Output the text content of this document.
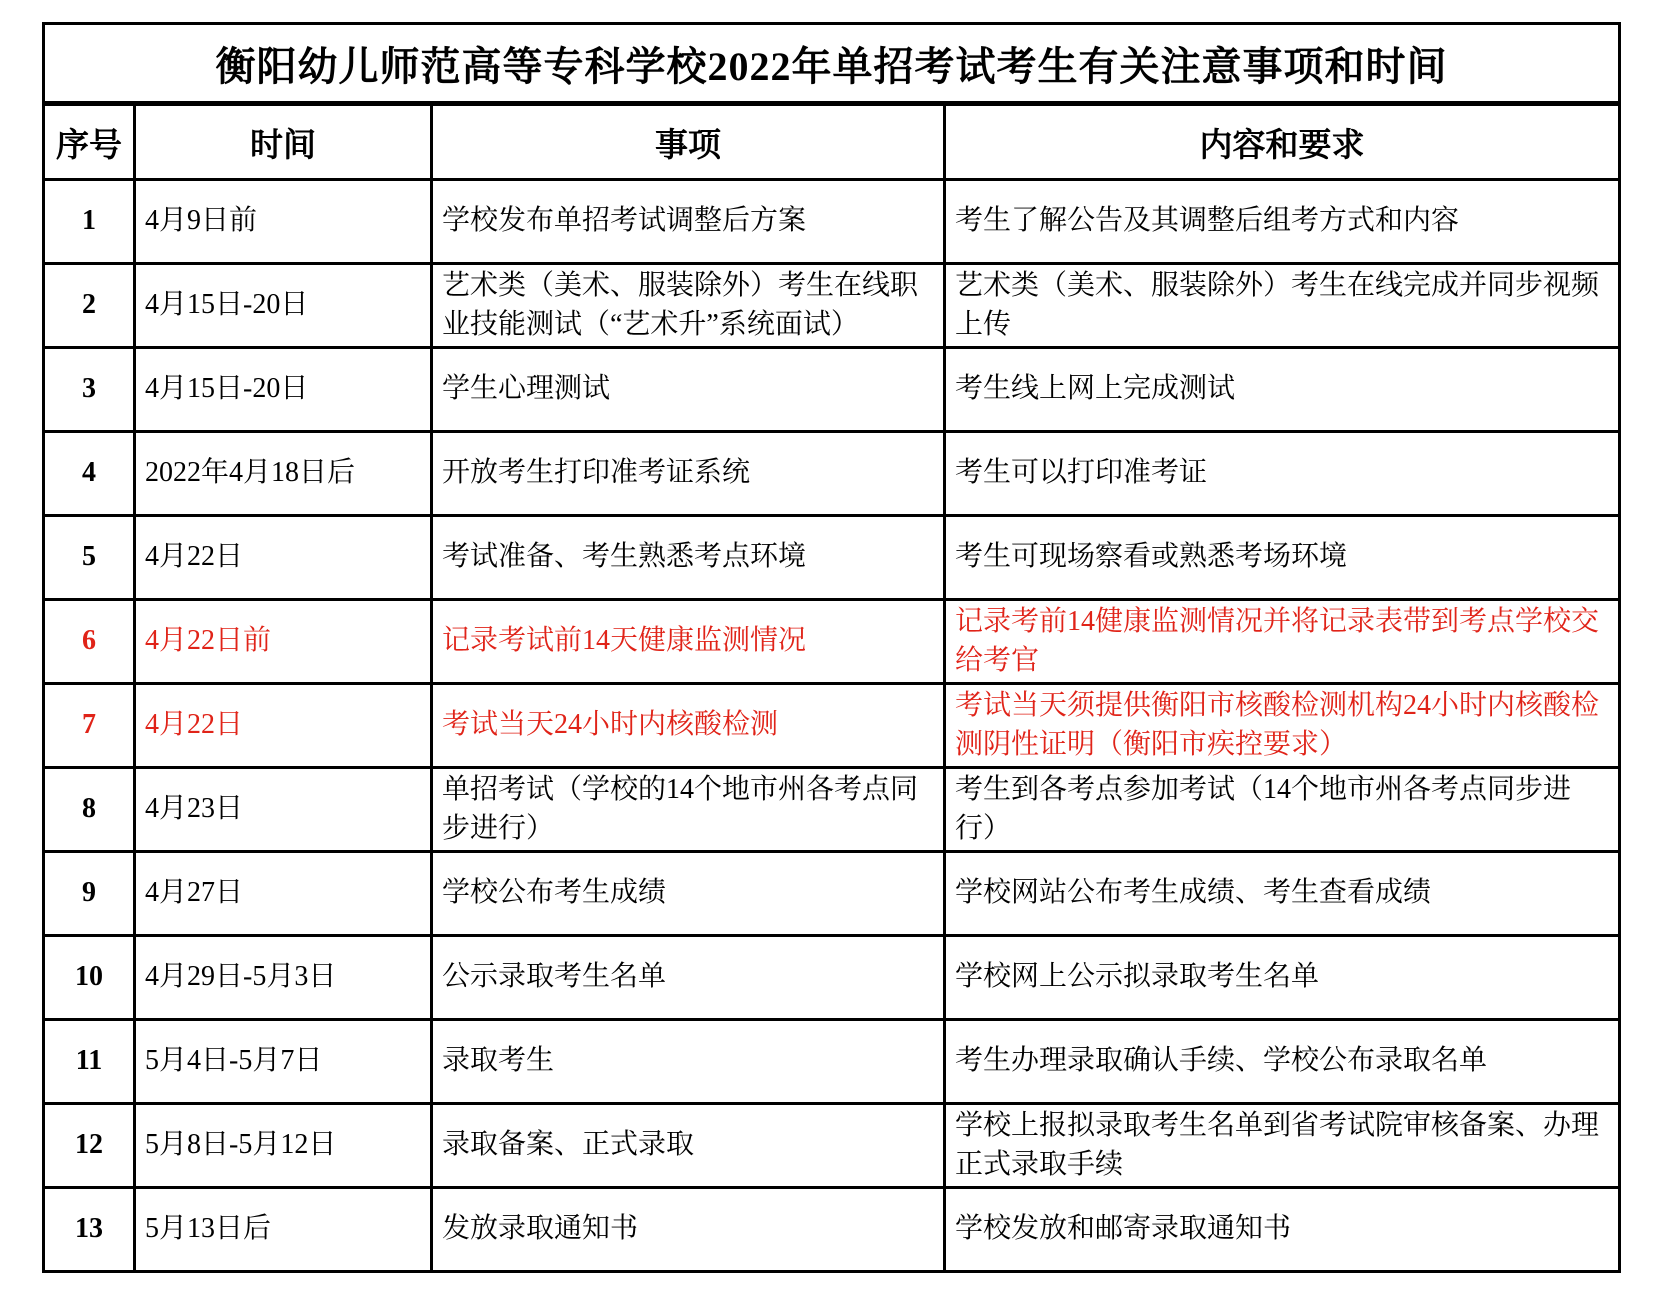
衡阳幼儿师范高等专科学校2022年单招考试考生有关注意事项和时间			
序号	时间	事项	内容和要求
1	4月9日前	学校发布单招考试调整后方案	考生了解公告及其调整后组考方式和内容
2	4月15日-20日	艺术类（美术、服装除外）考生在线职业技能测试（“艺术升”系统面试）	艺术类（美术、服装除外）考生在线完成并同步视频上传
3	4月15日-20日	学生心理测试	考生线上网上完成测试
4	2022年4月18日后	开放考生打印准考证系统	考生可以打印准考证
5	4月22日	考试准备、考生熟悉考点环境	考生可现场察看或熟悉考场环境
6	4月22日前	记录考试前14天健康监测情况	记录考前14健康监测情况并将记录表带到考点学校交给考官
7	4月22日	考试当天24小时内核酸检测	考试当天须提供衡阳市核酸检测机构24小时内核酸检测阴性证明（衡阳市疾控要求）
8	4月23日	单招考试（学校的14个地市州各考点同步进行）	考生到各考点参加考试（14个地市州各考点同步进行）
9	4月27日	学校公布考生成绩	学校网站公布考生成绩、考生查看成绩
10	4月29日-5月3日	公示录取考生名单	学校网上公示拟录取考生名单
11	5月4日-5月7日	录取考生	考生办理录取确认手续、学校公布录取名单
12	5月8日-5月12日	录取备案、正式录取	学校上报拟录取考生名单到省考试院审核备案、办理正式录取手续
13	5月13日后	发放录取通知书	学校发放和邮寄录取通知书
